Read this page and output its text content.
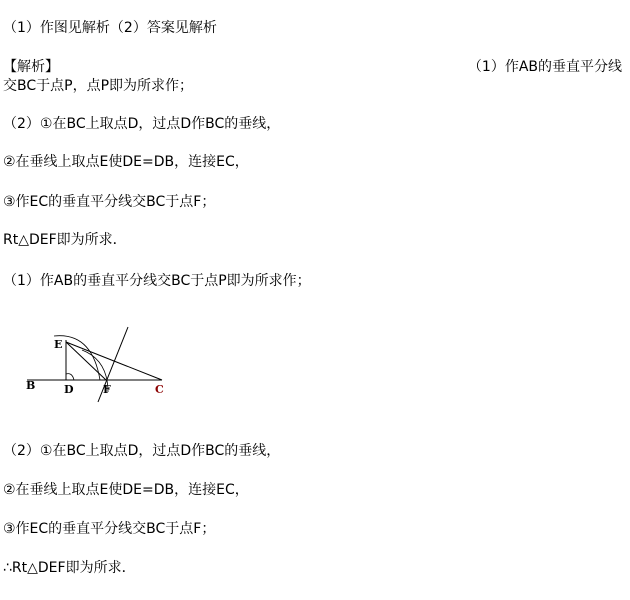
（1）作图见解析（2）答案见解析
【解析】	（1）作AB的垂直平分线
交BC于点P，点P即为所求作；
（2）①在BC上取点D，过点D作BC的垂线，
②在垂线上取点E使DE=DB，连接EC，
③作EC的垂直平分线交BC于点F；
Rt△DEF即为所求．
（1）作AB的垂直平分线交BC于点P即为所求作；
E
B	D	F	C
（2）①在BC上取点D，过点D作BC的垂线，
②在垂线上取点E使DE=DB，连接EC，
③作EC的垂直平分线交BC于点F；
∴Rt△DEF即为所求．
